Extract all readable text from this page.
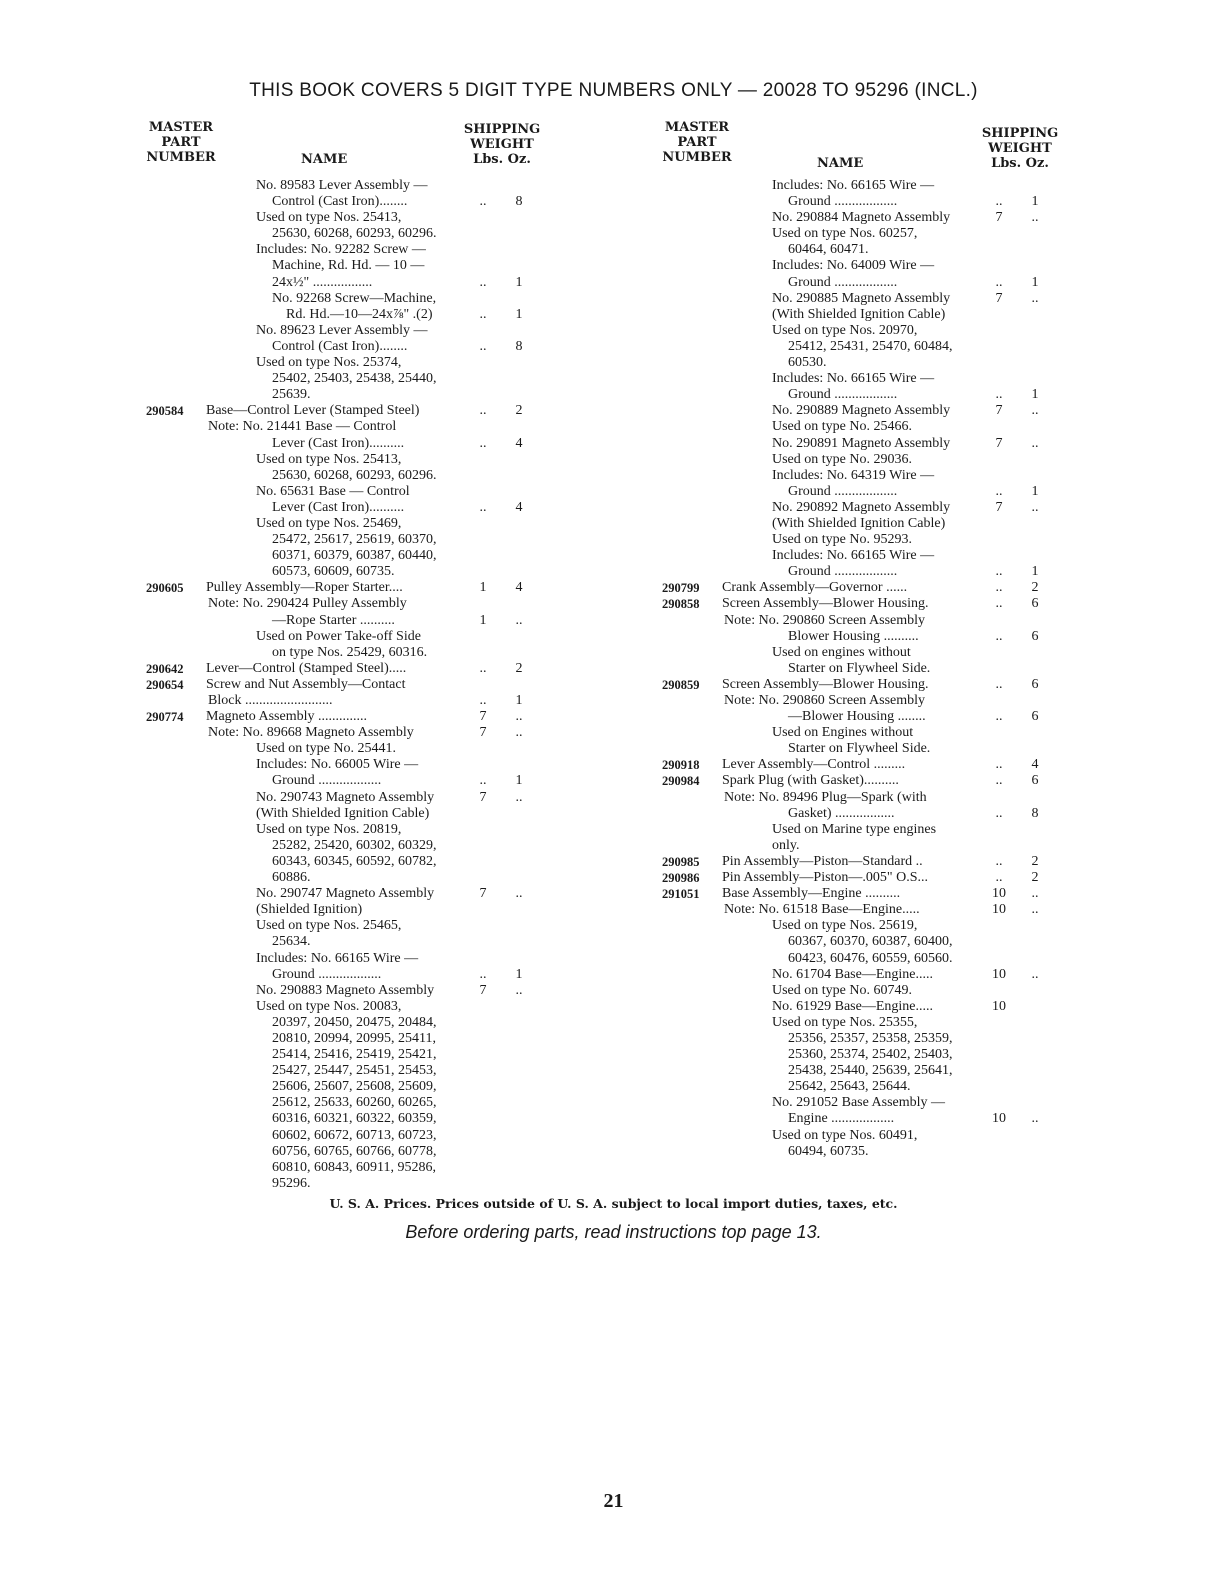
THIS BOOK COVERS 5 DIGIT TYPE NUMBERS ONLY — 20028 TO 95296 (INCL.)
MASTER
PART
NUMBER	NAME
SHIPPING
WEIGHT
Lbs. Oz.
No. 89583 Lever Assembly —
Control (Cast Iron)........	..	8
Used on type Nos. 25413,
25630, 60268, 60293, 60296.
Includes: No. 92282 Screw —
Machine, Rd. Hd. — 10 —
24x½" .................	..	1
No. 92268 Screw—Machine,
Rd. Hd.—10—24x⅞" .(2)	..	1
No. 89623 Lever Assembly —
Control (Cast Iron)........	..	8
Used on type Nos. 25374,
25402, 25403, 25438, 25440,
25639.
290584 Base—Control Lever (Stamped Steel)	..	2
Note: No. 21441 Base — Control
Lever (Cast Iron)..........	..	4
Used on type Nos. 25413,
25630, 60268, 60293, 60296.
No. 65631 Base — Control
Lever (Cast Iron)..........	..	4
Used on type Nos. 25469,
25472, 25617, 25619, 60370,
60371, 60379, 60387, 60440,
60573, 60609, 60735.
290605 Pulley Assembly—Roper Starter....	1	4
Note: No. 290424 Pulley Assembly
—Rope Starter ..........	1	..
Used on Power Take-off Side
on type Nos. 25429, 60316.
290642 Lever—Control (Stamped Steel).....	..	2
290654 Screw and Nut Assembly—Contact
Block .........................	..	1
290774 Magneto Assembly ..............	7	..
Note: No. 89668 Magneto Assembly	7	..
Used on type No. 25441.
Includes: No. 66005 Wire —
Ground ..................	..	1
No. 290743 Magneto Assembly	7	..
(With Shielded Ignition Cable)
Used on type Nos. 20819,
25282, 25420, 60302, 60329,
60343, 60345, 60592, 60782,
60886.
No. 290747 Magneto Assembly	7	..
(Shielded Ignition)
Used on type Nos. 25465,
25634.
Includes: No. 66165 Wire —
Ground ..................	..	1
No. 290883 Magneto Assembly	7	..
Used on type Nos. 20083,
20397, 20450, 20475, 20484,
20810, 20994, 20995, 25411,
25414, 25416, 25419, 25421,
25427, 25447, 25451, 25453,
25606, 25607, 25608, 25609,
25612, 25633, 60260, 60265,
60316, 60321, 60322, 60359,
60602, 60672, 60713, 60723,
60756, 60765, 60766, 60778,
60810, 60843, 60911, 95286,
95296.
MASTER
PART
NUMBER	NAME
SHIPPING
WEIGHT
Lbs. Oz.
Includes: No. 66165 Wire —
Ground ..................	..	1
No. 290884 Magneto Assembly	7	..
Used on type Nos. 60257,
60464, 60471.
Includes: No. 64009 Wire —
Ground ..................	..	1
No. 290885 Magneto Assembly	7	..
(With Shielded Ignition Cable)
Used on type Nos. 20970,
25412, 25431, 25470, 60484,
60530.
Includes: No. 66165 Wire —
Ground ..................	..	1
No. 290889 Magneto Assembly	7	..
Used on type No. 25466.
No. 290891 Magneto Assembly	7	..
Used on type No. 29036.
Includes: No. 64319 Wire —
Ground ..................	..	1
No. 290892 Magneto Assembly	7	..
(With Shielded Ignition Cable)
Used on type No. 95293.
Includes: No. 66165 Wire —
Ground ..................	..	1
290799 Crank Assembly—Governor ......	..	2
290858 Screen Assembly—Blower Housing.	..	6
Note: No. 290860 Screen Assembly
Blower Housing ..........	..	6
Used on engines without
Starter on Flywheel Side.
290859 Screen Assembly—Blower Housing.	..	6
Note: No. 290860 Screen Assembly
—Blower Housing ........	..	6
Used on Engines without
Starter on Flywheel Side.
290918 Lever Assembly—Control .........	..	4
290984 Spark Plug (with Gasket)..........	..	6
Note: No. 89496 Plug—Spark (with
Gasket) .................	..	8
Used on Marine type engines
only.
290985 Pin Assembly—Piston—Standard ..	..	2
290986 Pin Assembly—Piston—.005" O.S...	..	2
291051 Base Assembly—Engine ..........	10	..
Note: No. 61518 Base—Engine.....	10	..
Used on type Nos. 25619,
60367, 60370, 60387, 60400,
60423, 60476, 60559, 60560.
No. 61704 Base—Engine.....	10	..
Used on type No. 60749.
No. 61929 Base—Engine.....	10
Used on type Nos. 25355,
25356, 25357, 25358, 25359,
25360, 25374, 25402, 25403,
25438, 25440, 25639, 25641,
25642, 25643, 25644.
No. 291052 Base Assembly —
Engine ..................	10	..
Used on type Nos. 60491,
60494, 60735.
U. S. A. Prices. Prices outside of U. S. A. subject to local import duties, taxes, etc.
Before ordering parts, read instructions top page 13.
21
